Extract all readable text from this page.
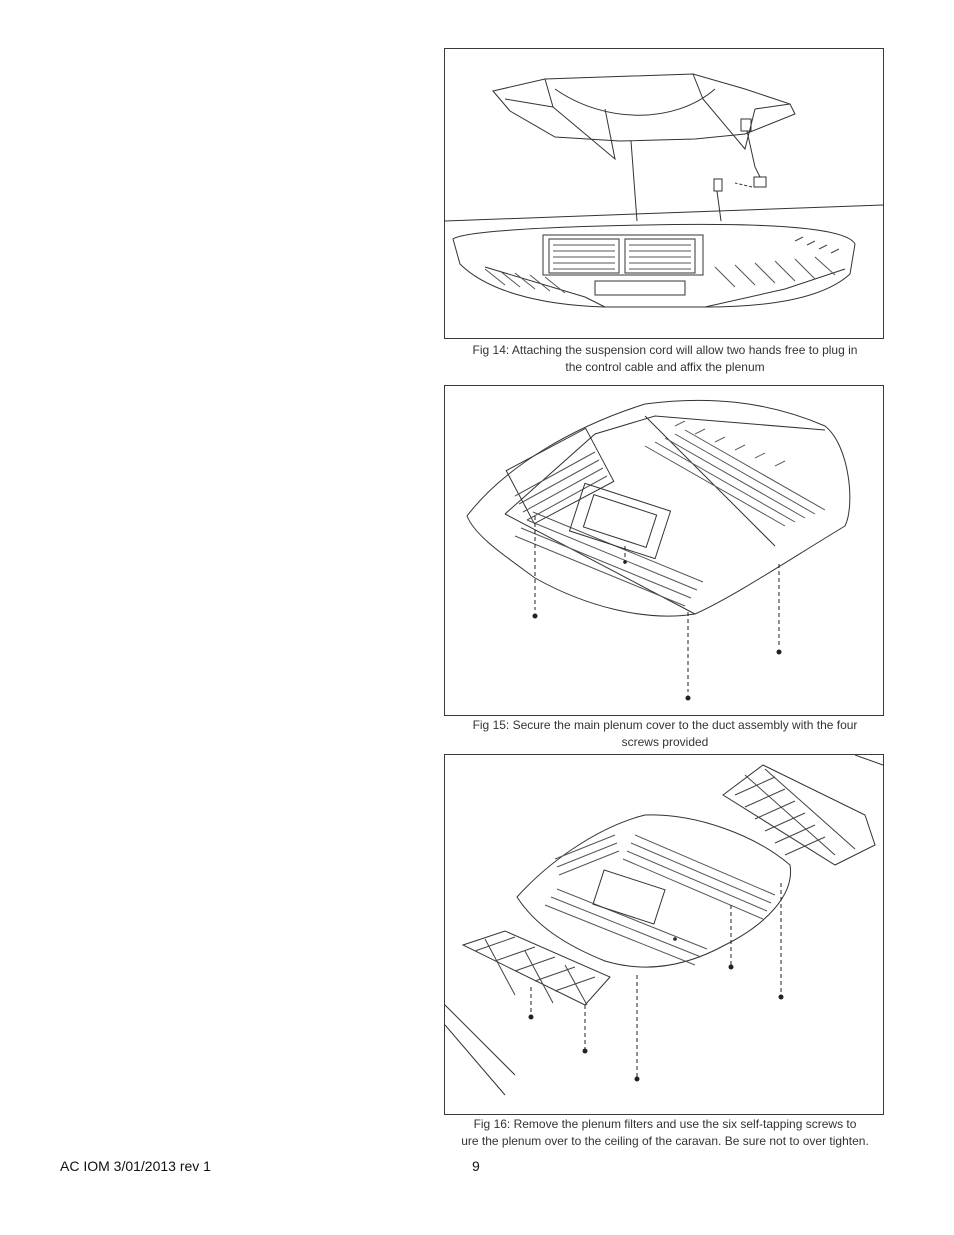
Fig 14: Attaching the suspension cord will allow two hands free to plug in
the control cable and affix the plenum
Fig 15: Secure the main plenum cover to the duct assembly with the four
screws provided
Fig 16: Remove the plenum filters and use the six self-tapping screws to
ure the plenum over to the ceiling of the caravan. Be sure not to over tighten.
AC IOM 3/01/2013 rev 1	9
